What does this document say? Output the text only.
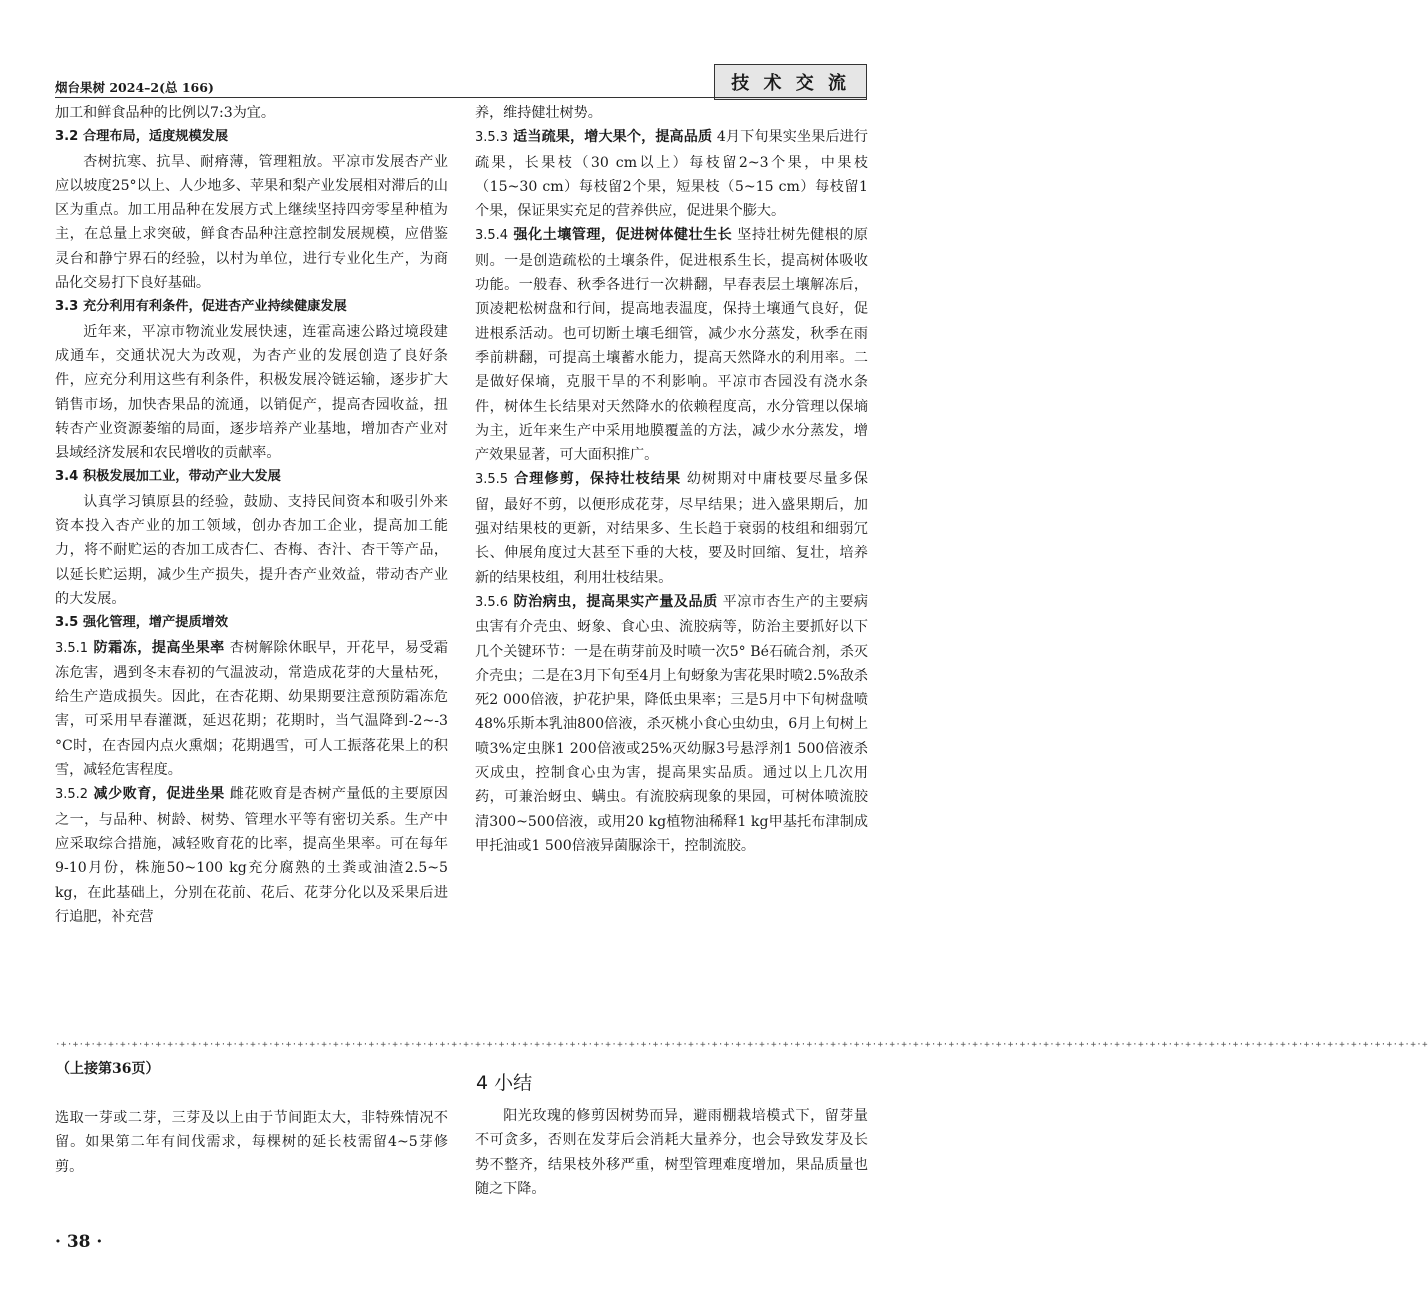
烟台果树 2024–2(总 166)	技 术 交 流

加工和鲜食品种的比例以7:3为宜。

3.2 合理布局，适度规模发展

杏树抗寒、抗旱、耐瘠薄，管理粗放。平凉市发展杏产业应以坡度25°以上、人少地多、苹果和梨产业发展相对滞后的山区为重点。加工用品种在发展方式上继续坚持四旁零星种植为主，在总量上求突破，鲜食杏品种注意控制发展规模，应借鉴灵台和静宁界石的经验，以村为单位，进行专业化生产，为商品化交易打下良好基础。

3.3 充分利用有利条件，促进杏产业持续健康发展

近年来，平凉市物流业发展快速，连霍高速公路过境段建成通车，交通状况大为改观，为杏产业的发展创造了良好条件，应充分利用这些有利条件，积极发展冷链运输，逐步扩大销售市场，加快杏果品的流通，以销促产，提高杏园收益，扭转杏产业资源萎缩的局面，逐步培养产业基地，增加杏产业对县域经济发展和农民增收的贡献率。

3.4 积极发展加工业，带动产业大发展

认真学习镇原县的经验，鼓励、支持民间资本和吸引外来资本投入杏产业的加工领域，创办杏加工企业，提高加工能力，将不耐贮运的杏加工成杏仁、杏梅、杏汁、杏干等产品，以延长贮运期，减少生产损失，提升杏产业效益，带动杏产业的大发展。

3.5 强化管理，增产提质增效

3.5.1 防霜冻，提高坐果率 杏树解除休眠早，开花早，易受霜冻危害，遇到冬末春初的气温波动，常造成花芽的大量枯死，给生产造成损失。因此，在杏花期、幼果期要注意预防霜冻危害，可采用早春灌溉，延迟花期；花期时，当气温降到-2~-3 °C时，在杏园内点火熏烟；花期遇雪，可人工振落花果上的积雪，减轻危害程度。

3.5.2 减少败育，促进坐果 雌花败育是杏树产量低的主要原因之一，与品种、树龄、树势、管理水平等有密切关系。生产中应采取综合措施，减轻败育花的比率，提高坐果率。可在每年9-10月份，株施50~100 kg充分腐熟的土粪或油渣2.5~5 kg，在此基础上，分别在花前、花后、花芽分化以及采果后进行追肥，补充营

养，维持健壮树势。

3.5.3 适当疏果，增大果个，提高品质 4月下旬果实坐果后进行疏果，长果枝（30 cm以上）每枝留2~3个果，中果枝（15~30 cm）每枝留2个果，短果枝（5~15 cm）每枝留1个果，保证果实充足的营养供应，促进果个膨大。

3.5.4 强化土壤管理，促进树体健壮生长 坚持壮树先健根的原则。一是创造疏松的土壤条件，促进根系生长，提高树体吸收功能。一般春、秋季各进行一次耕翻，早春表层土壤解冻后，顶凌耙松树盘和行间，提高地表温度，保持土壤通气良好，促进根系活动。也可切断土壤毛细管，减少水分蒸发，秋季在雨季前耕翻，可提高土壤蓄水能力，提高天然降水的利用率。二是做好保墒，克服干旱的不利影响。平凉市杏园没有浇水条件，树体生长结果对天然降水的依赖程度高，水分管理以保墒为主，近年来生产中采用地膜覆盖的方法，减少水分蒸发，增产效果显著，可大面积推广。

3.5.5 合理修剪，保持壮枝结果 幼树期对中庸枝要尽量多保留，最好不剪，以便形成花芽，尽早结果；进入盛果期后，加强对结果枝的更新，对结果多、生长趋于衰弱的枝组和细弱冗长、伸展角度过大甚至下垂的大枝，要及时回缩、复壮，培养新的结果枝组，利用壮枝结果。

3.5.6 防治病虫，提高果实产量及品质 平凉市杏生产的主要病虫害有介壳虫、蚜象、食心虫、流胶病等，防治主要抓好以下几个关键环节：一是在萌芽前及时喷一次5° Bé石硫合剂，杀灭介壳虫；二是在3月下旬至4月上旬蚜象为害花果时喷2.5%敌杀死2 000倍液，护花护果，降低虫果率；三是5月中下旬树盘喷48%乐斯本乳油800倍液，杀灭桃小食心虫幼虫，6月上旬树上喷3%定虫脒1 200倍液或25%灭幼脲3号悬浮剂1 500倍液杀灭成虫，控制食心虫为害，提高果实品质。通过以上几次用药，可兼治蚜虫、螨虫。有流胶病现象的果园，可树体喷流胶清300~500倍液，或用20 kg植物油稀释1 kg甲基托布津制成甲托油或1 500倍液异菌脲涂干，控制流胶。

·+·+·+·+·+·+·+·+·+·+·+·+·+·+·+·+·+·+·+·+·+·+·+·+·+·+·+·+·+·+·+·+·+·+·+·+·+·+·+·+·+·+·+·+·+·+·+·+·+·+·+·+·+·+·+·+·+·+·+·+·+·+·+·+·+·+·+·+·+·+·+·+·+·+·+·+·+·+·+·+·+·+·+·+·+·+·+·+·+·+·+·+·+·+·+·+·+·+·+·+·+·+·+·+·+·+·+·+·+·+·+·+·+·+·+·+
（上接第36页）

选取一芽或二芽，三芽及以上由于节间距太大，非特殊情况不留。如果第二年有间伐需求，每棵树的延长枝需留4~5芽修剪。

4 小结

阳光玫瑰的修剪因树势而异，避雨棚栽培模式下，留芽量不可贪多，否则在发芽后会消耗大量养分，也会导致发芽及长势不整齐，结果枝外移严重，树型管理难度增加，果品质量也随之下降。

· 38 ·
